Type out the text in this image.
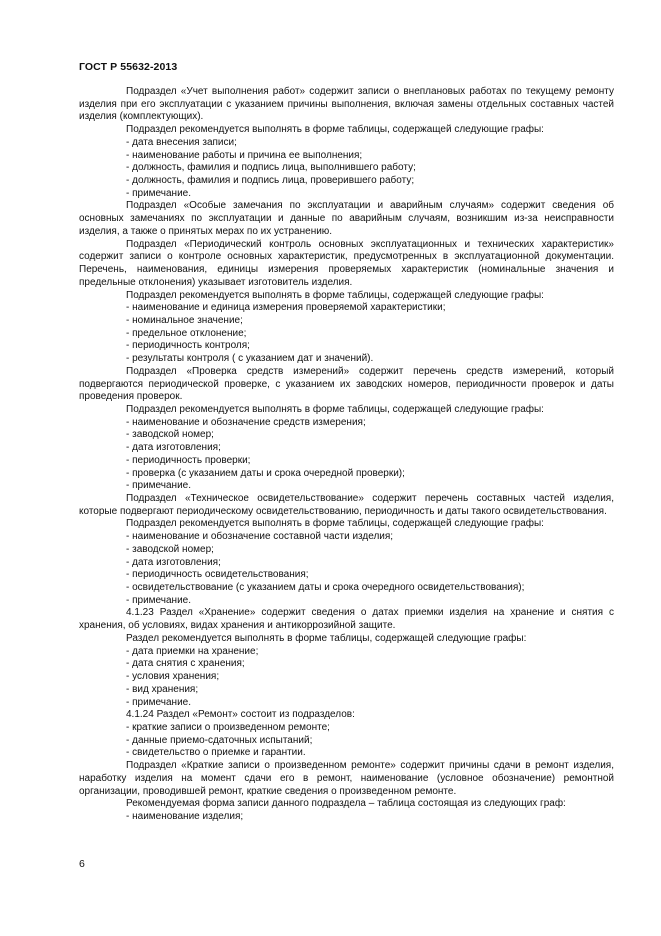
ГОСТ Р 55632-2013

Подраздел «Учет выполнения работ» содержит записи о внеплановых работах по текущему ремонту изделия при его эксплуатации с указанием причины выполнения, включая замены отдельных составных частей изделия (комплектующих).

Подраздел рекомендуется выполнять в форме таблицы, содержащей следующие графы:

- дата внесения записи;

- наименование работы и причина ее выполнения;

- должность, фамилия и подпись лица, выполнившего работу;

- должность, фамилия и подпись лица, проверившего работу;

- примечание.

Подраздел «Особые замечания по эксплуатации и аварийным случаям» содержит сведения об основных замечаниях по эксплуатации и данные по аварийным случаям, возникшим из-за неисправности изделия, а также о принятых мерах по их устранению.

Подраздел «Периодический контроль основных эксплуатационных и технических характеристик» содержит записи о контроле основных характеристик, предусмотренных в эксплуатационной документации. Перечень, наименования, единицы измерения проверяемых характеристик (номинальные значения и предельные отклонения) указывает изготовитель изделия.

Подраздел рекомендуется выполнять в форме таблицы, содержащей следующие графы:

- наименование и единица измерения проверяемой характеристики;

- номинальное значение;

- предельное отклонение;

- периодичность контроля;

- результаты контроля ( с указанием дат и значений).

Подраздел «Проверка средств измерений» содержит перечень средств измерений, который подвергаются периодической проверке, с указанием их заводских номеров, периодичности проверок и даты проведения проверок.

Подраздел рекомендуется выполнять в форме таблицы, содержащей следующие графы:

- наименование и обозначение средств измерения;

- заводской номер;

- дата изготовления;

- периодичность проверки;

- проверка (с указанием даты и срока очередной проверки);

- примечание.

Подраздел «Техническое освидетельствование» содержит перечень составных частей изделия, которые подвергают периодическому освидетельствованию, периодичность и даты такого освидетельствования.

Подраздел рекомендуется выполнять в форме таблицы, содержащей следующие графы:

- наименование и обозначение составной части изделия;

- заводской номер;

- дата изготовления;

- периодичность освидетельствования;

- освидетельствование (с указанием даты и срока очередного освидетельствования);

- примечание.

4.1.23 Раздел «Хранение» содержит сведения о датах приемки изделия на хранение и снятия с хранения, об условиях, видах хранения и антикоррозийной защите.

Раздел рекомендуется выполнять в форме таблицы, содержащей следующие графы:

- дата приемки на хранение;

- дата снятия с хранения;

- условия хранения;

- вид хранения;

- примечание.

4.1.24 Раздел «Ремонт» состоит из подразделов:

- краткие записи о произведенном ремонте;

- данные приемо-сдаточных испытаний;

- свидетельство о приемке и гарантии.

Подраздел «Краткие записи о произведенном ремонте» содержит причины сдачи в ремонт изделия, наработку изделия на момент сдачи его в ремонт, наименование (условное обозначение) ремонтной организации, проводившей ремонт, краткие сведения о произведенном ремонте.

Рекомендуемая форма записи данного подраздела – таблица состоящая из следующих граф:

- наименование изделия;

6
